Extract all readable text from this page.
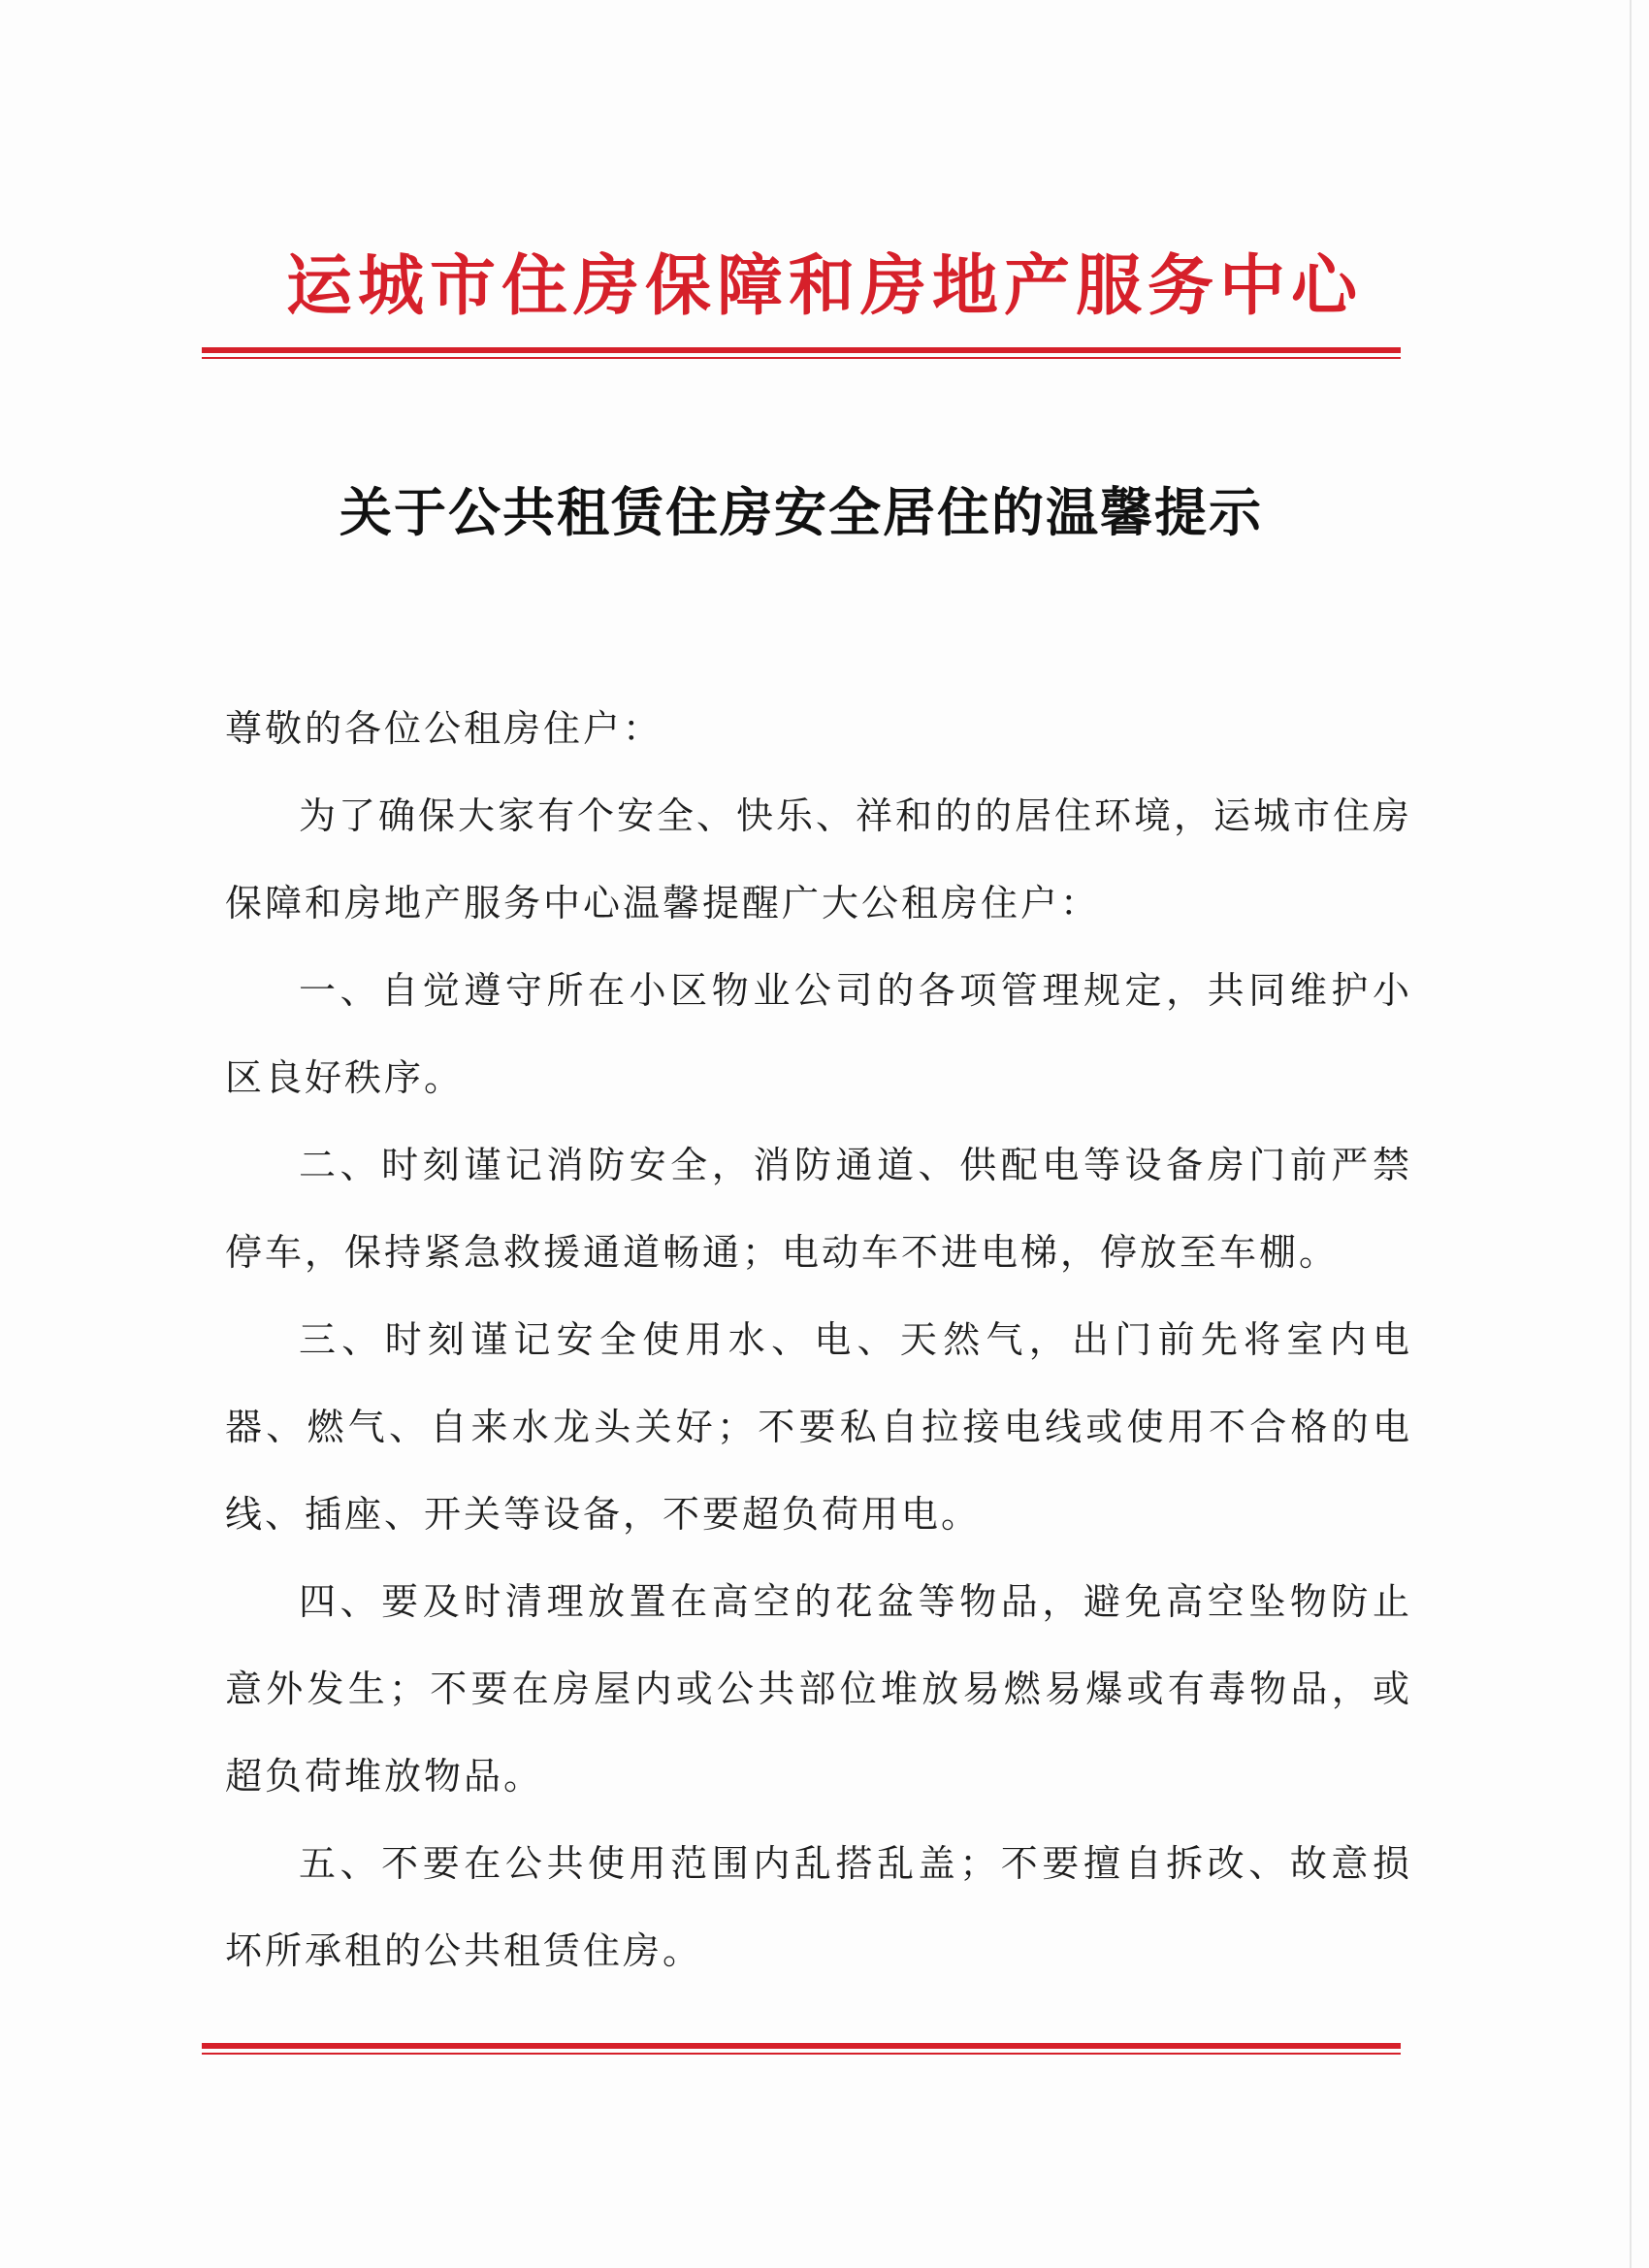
运城市住房保障和房地产服务中心
关于公共租赁住房安全居住的温馨提示

尊敬的各位公租房住户：

为了确保大家有个安全、快乐、祥和的的居住环境，运城市住房保障和房地产服务中心温馨提醒广大公租房住户：

一、自觉遵守所在小区物业公司的各项管理规定，共同维护小区良好秩序。

二、时刻谨记消防安全，消防通道、供配电等设备房门前严禁停车，保持紧急救援通道畅通；电动车不进电梯，停放至车棚。

三、时刻谨记安全使用水、电、天然气，出门前先将室内电器、燃气、自来水龙头关好；不要私自拉接电线或使用不合格的电线、插座、开关等设备，不要超负荷用电。

四、要及时清理放置在高空的花盆等物品，避免高空坠物防止意外发生；不要在房屋内或公共部位堆放易燃易爆或有毒物品，或超负荷堆放物品。

五、不要在公共使用范围内乱搭乱盖；不要擅自拆改、故意损坏所承租的公共租赁住房。
